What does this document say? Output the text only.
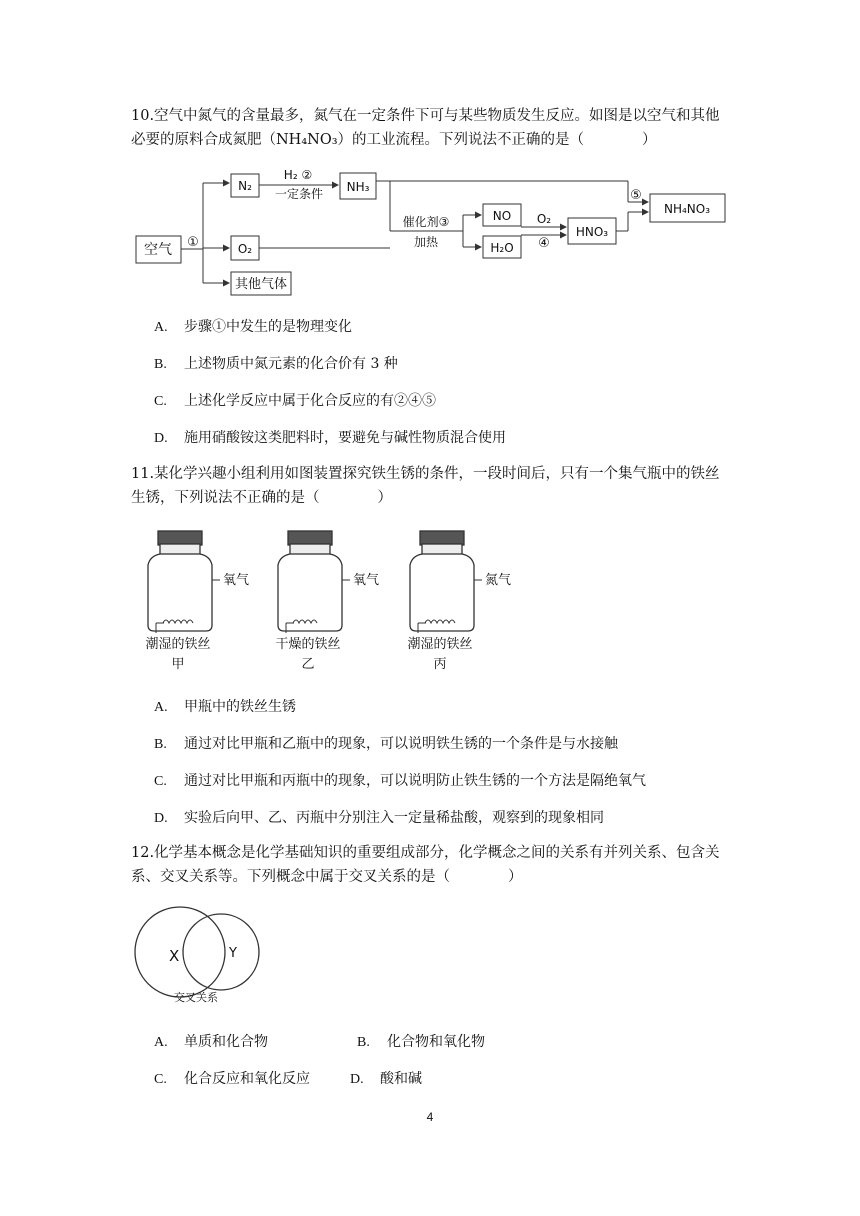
10.空气中氮气的含量最多，氮气在一定条件下可与某些物质发生反应。如图是以空气和其他必要的原料合成氮肥（NH₄NO₃）的工业流程。下列说法不正确的是（　　　　）
空气 ①
N₂
O₂
其他气体
H₂ ②
一定条件 NH₃
催化剂③
加热
NO
H₂O
O₂
④
HNO₃
⑤
NH₄NO₃
A. 步骤①中发生的是物理变化
B. 上述物质中氮元素的化合价有 3 种
C. 上述化学反应中属于化合反应的有②④⑤
D. 施用硝酸铵这类肥料时，要避免与碱性物质混合使用
11.某化学兴趣小组利用如图装置探究铁生锈的条件，一段时间后，只有一个集气瓶中的铁丝生锈，下列说法不正确的是（　　　　）
氧气	氧气	氮气
潮湿的铁丝	干燥的铁丝	潮湿的铁丝
甲	乙	丙
A. 甲瓶中的铁丝生锈
B. 通过对比甲瓶和乙瓶中的现象，可以说明铁生锈的一个条件是与水接触
C. 通过对比甲瓶和丙瓶中的现象，可以说明防止铁生锈的一个方法是隔绝氧气
D. 实验后向甲、乙、丙瓶中分别注入一定量稀盐酸，观察到的现象相同
12.化学基本概念是化学基础知识的重要组成部分，化学概念之间的关系有并列关系、包含关系、交叉关系等。下列概念中属于交叉关系的是（　　　　）
X	Y
交叉关系
A. 单质和化合物	B. 化合物和氧化物
C. 化合反应和氧化反应	D. 酸和碱
4
